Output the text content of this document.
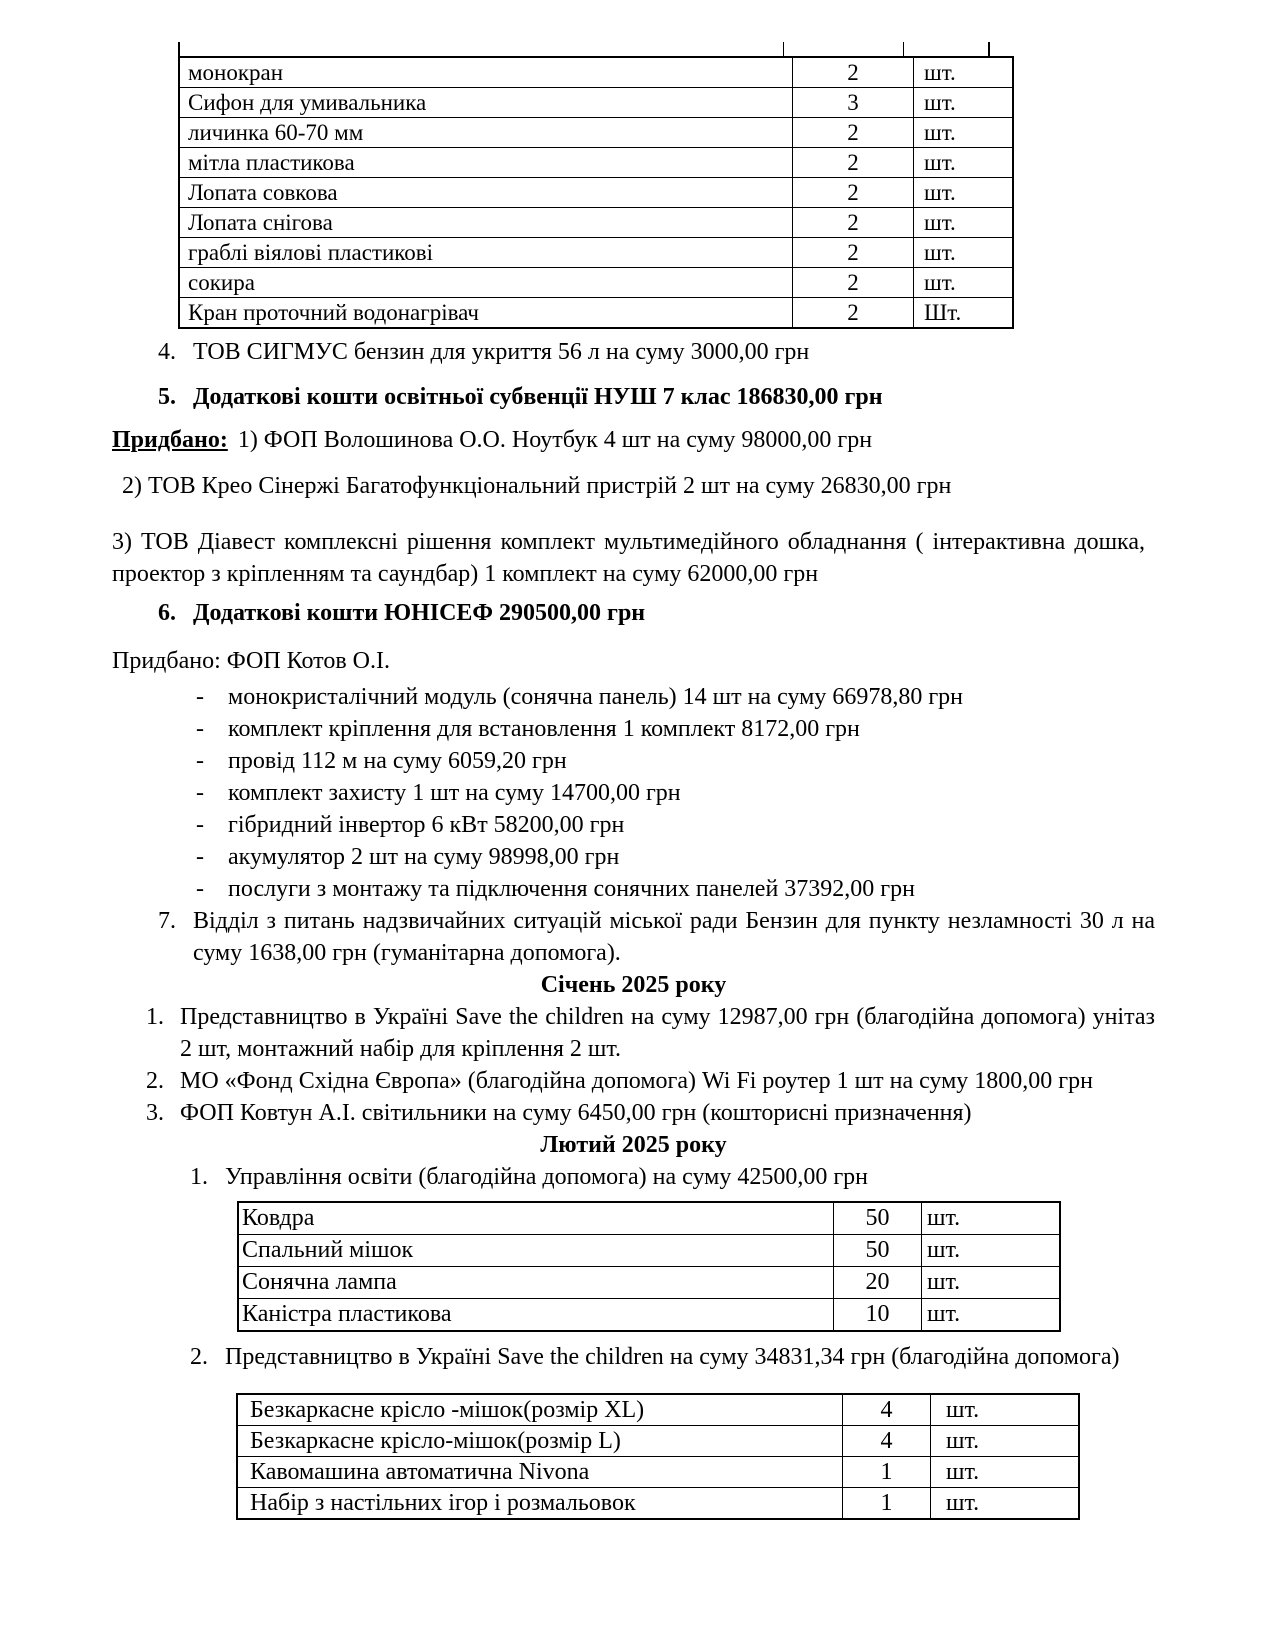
монокран	2	шт.
Сифон для умивальника	3	шт.
личинка 60-70 мм	2	шт.
мітла пластикова	2	шт.
Лопата совкова	2	шт.
Лопата снігова	2	шт.
граблі віялові пластикові	2	шт.
сокира	2	шт.
Кран проточний водонагрівач	2	Шт.
4. ТОВ СИГМУС бензин для укриття 56 л на суму 3000,00 грн
5. Додаткові кошти освітньої субвенції НУШ 7 клас 186830,00 грн
Придбано: 1) ФОП Волошинова О.О. Ноутбук 4 шт на суму 98000,00 грн
2) ТОВ Крео Сінержі Багатофункціональний пристрій 2 шт на суму 26830,00 грн
3) ТОВ Діавест комплексні рішення комплект мультимедійного обладнання ( інтерактивна дошка, проектор з кріпленням та саундбар) 1 комплект на суму 62000,00 грн
6. Додаткові кошти ЮНІСЕФ 290500,00 грн
Придбано: ФОП Котов О.І.
-	монокристалічний модуль (сонячна панель) 14 шт на суму 66978,80 грн
-	комплект кріплення для встановлення 1 комплект 8172,00 грн
-	провід 112 м на суму 6059,20 грн
-	комплект захисту 1 шт на суму 14700,00 грн
-	гібридний інвертор 6 кВт 58200,00 грн
-	акумулятор 2 шт на суму 98998,00 грн
-	послуги з монтажу та підключення сонячних панелей 37392,00 грн
7. Відділ з питань надзвичайних ситуацій міської ради Бензин для пункту незламності 30 л на суму 1638,00 грн (гуманітарна допомога).
Січень 2025 року
1. Представництво в Україні Save the children на суму 12987,00 грн (благодійна допомога) унітаз 2 шт, монтажний набір для кріплення 2 шт.
2. МО «Фонд Східна Європа» (благодійна допомога) Wi Fi роутер 1 шт на суму 1800,00 грн
3. ФОП Ковтун А.І. світильники на суму 6450,00 грн (кошторисні призначення)
Лютий 2025 року
1. Управління освіти (благодійна допомога) на суму 42500,00 грн
Ковдра	50	шт.
Спальний мішок	50	шт.
Сонячна лампа	20	шт.
Каністра пластикова	10	шт.
2. Представництво в Україні Save the children на суму 34831,34 грн (благодійна допомога)
Безкаркасне крісло -мішок(розмір XL)	4	шт.
Безкаркасне крісло-мішок(розмір L)	4	шт.
Кавомашина автоматична Nivona	1	шт.
Набір з настільних ігор і розмальовок	1	шт.
